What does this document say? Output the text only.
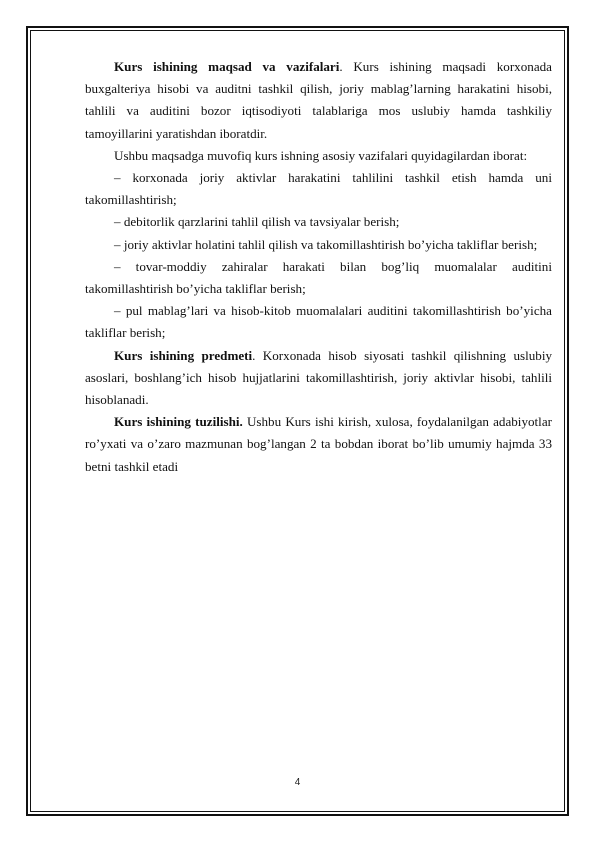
Kurs ishining maqsad va vazifalari. Kurs ishining maqsadi korxonada buxgalteriya hisobi va auditni tashkil qilish, joriy mablag’larning harakatini hisobi, tahlili va auditini bozor iqtisodiyoti talablariga mos uslubiy hamda tashkiliy tamoyillarini yaratishdan iboratdir.

Ushbu maqsadga muvofiq kurs ishning asosiy vazifalari quyidagilardan iborat:

– korxonada joriy aktivlar harakatini tahlilini tashkil etish hamda uni takomillashtirish;

– debitorlik qarzlarini tahlil qilish va tavsiyalar berish;

– joriy aktivlar holatini tahlil qilish va takomillashtirish bo’yicha takliflar berish;

– tovar-moddiy zahiralar harakati bilan bog’liq muomalalar auditini takomillashtirish bo’yicha takliflar berish;

– pul mablag’lari va hisob-kitob muomalalari auditini takomillashtirish bo’yicha takliflar berish;

Kurs ishining predmeti. Korxonada hisob siyosati tashkil qilishning uslubiy asoslari, boshlang’ich hisob hujjatlarini takomillashtirish, joriy aktivlar hisobi, tahlili hisoblanadi.

Kurs ishining tuzilishi. Ushbu Kurs ishi kirish, xulosa, foydalanilgan adabiyotlar ro’yxati va o’zaro mazmunan bog’langan 2 ta bobdan iborat bo’lib umumiy hajmda 33 betni tashkil etadi

4
